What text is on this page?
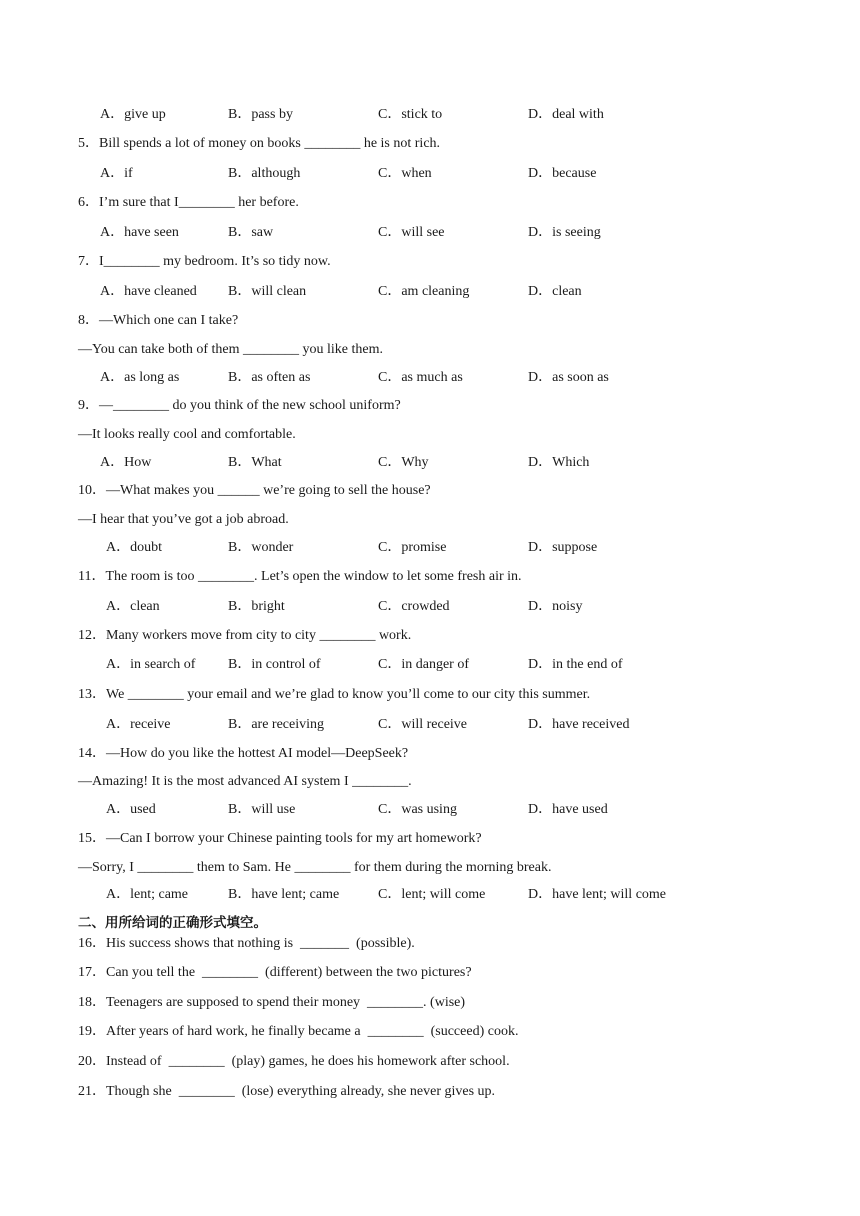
A．give up	B．pass by	C．stick to	D．deal with
5．Bill spends a lot of money on books ________ he is not rich.
A．if	B．although	C．when	D．because
6．I’m sure that I________ her before.
A．have seen	B．saw	C．will see	D．is seeing
7．I________ my bedroom. It’s so tidy now.
A．have cleaned B．will clean	C．am cleaning	D．clean
8．—Which one can I take?
—You can take both of them ________ you like them.
A．as long as	B．as often as	C．as much as	D．as soon as
9．—________ do you think of the new school uniform?
—It looks really cool and comfortable.
A．How	B．What	C．Why	D．Which
10．—What makes you ______ we’re going to sell the house?
—I hear that you’ve got a job abroad.
A．doubt	B．wonder	C．promise	D．suppose
11．The room is too ________. Let’s open the window to let some fresh air in.
A．clean	B．bright	C．crowded	D．noisy
12．Many workers move from city to city ________ work.
A．in search of B．in control of	C．in danger of	D．in the end of
13．We ________ your email and we’re glad to know you’ll come to our city this summer.
A．receive	B．are receiving	C．will receive	D．have received
14．—How do you like the hottest AI model—DeepSeek?
—Amazing! It is the most advanced AI system I ________.
A．used	B．will use	C．was using	D．have used
15．—Can I borrow your Chinese painting tools for my art homework?
—Sorry, I ________ them to Sam. He ________ for them during the morning break.
A．lent; came	B．have lent; came	C．lent; will come	D．have lent; will come
二、用所给词的正确形式填空。
16．His success shows that nothing is  _______  (possible).
17．Can you tell the  ________  (different) between the two pictures?
18．Teenagers are supposed to spend their money  ________. (wise)
19．After years of hard work, he finally became a  ________  (succeed) cook.
20．Instead of  ________  (play) games, he does his homework after school.
21．Though she  ________  (lose) everything already, she never gives up.
